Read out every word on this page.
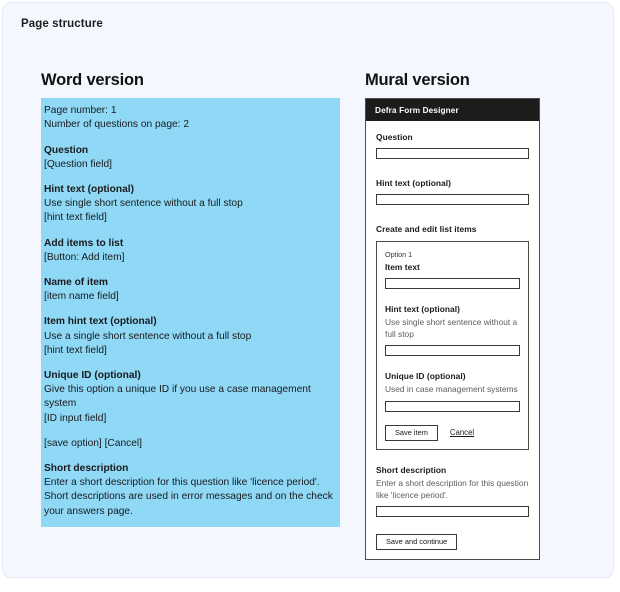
Page structure
Word version
Page number: 1
Number of questions on page: 2
Question
[Question field]
Hint text (optional)
Use single short sentence without a full stop
[hint text field]
Add items to list
[Button: Add item]
Name of item
[item name field]
Item hint text (optional)
Use a single short sentence without a full stop
[hint text field]
Unique ID (optional)
Give this option a unique ID if you use a case management system
[ID input field]
[save option] [Cancel]
Short description
Enter a short description for this question like 'licence period'. Short descriptions are used in error messages and on the check your answers page.
Mural version
Defra Form Designer
Question
Hint text (optional)
Create and edit list items
Option 1
Item text
Hint text (optional)
Use single short sentence without a full stop
Unique ID (optional)
Used in case management systems
Save item	Cancel
Short description
Enter a short description for this question like 'licence period'.
Save and continue
